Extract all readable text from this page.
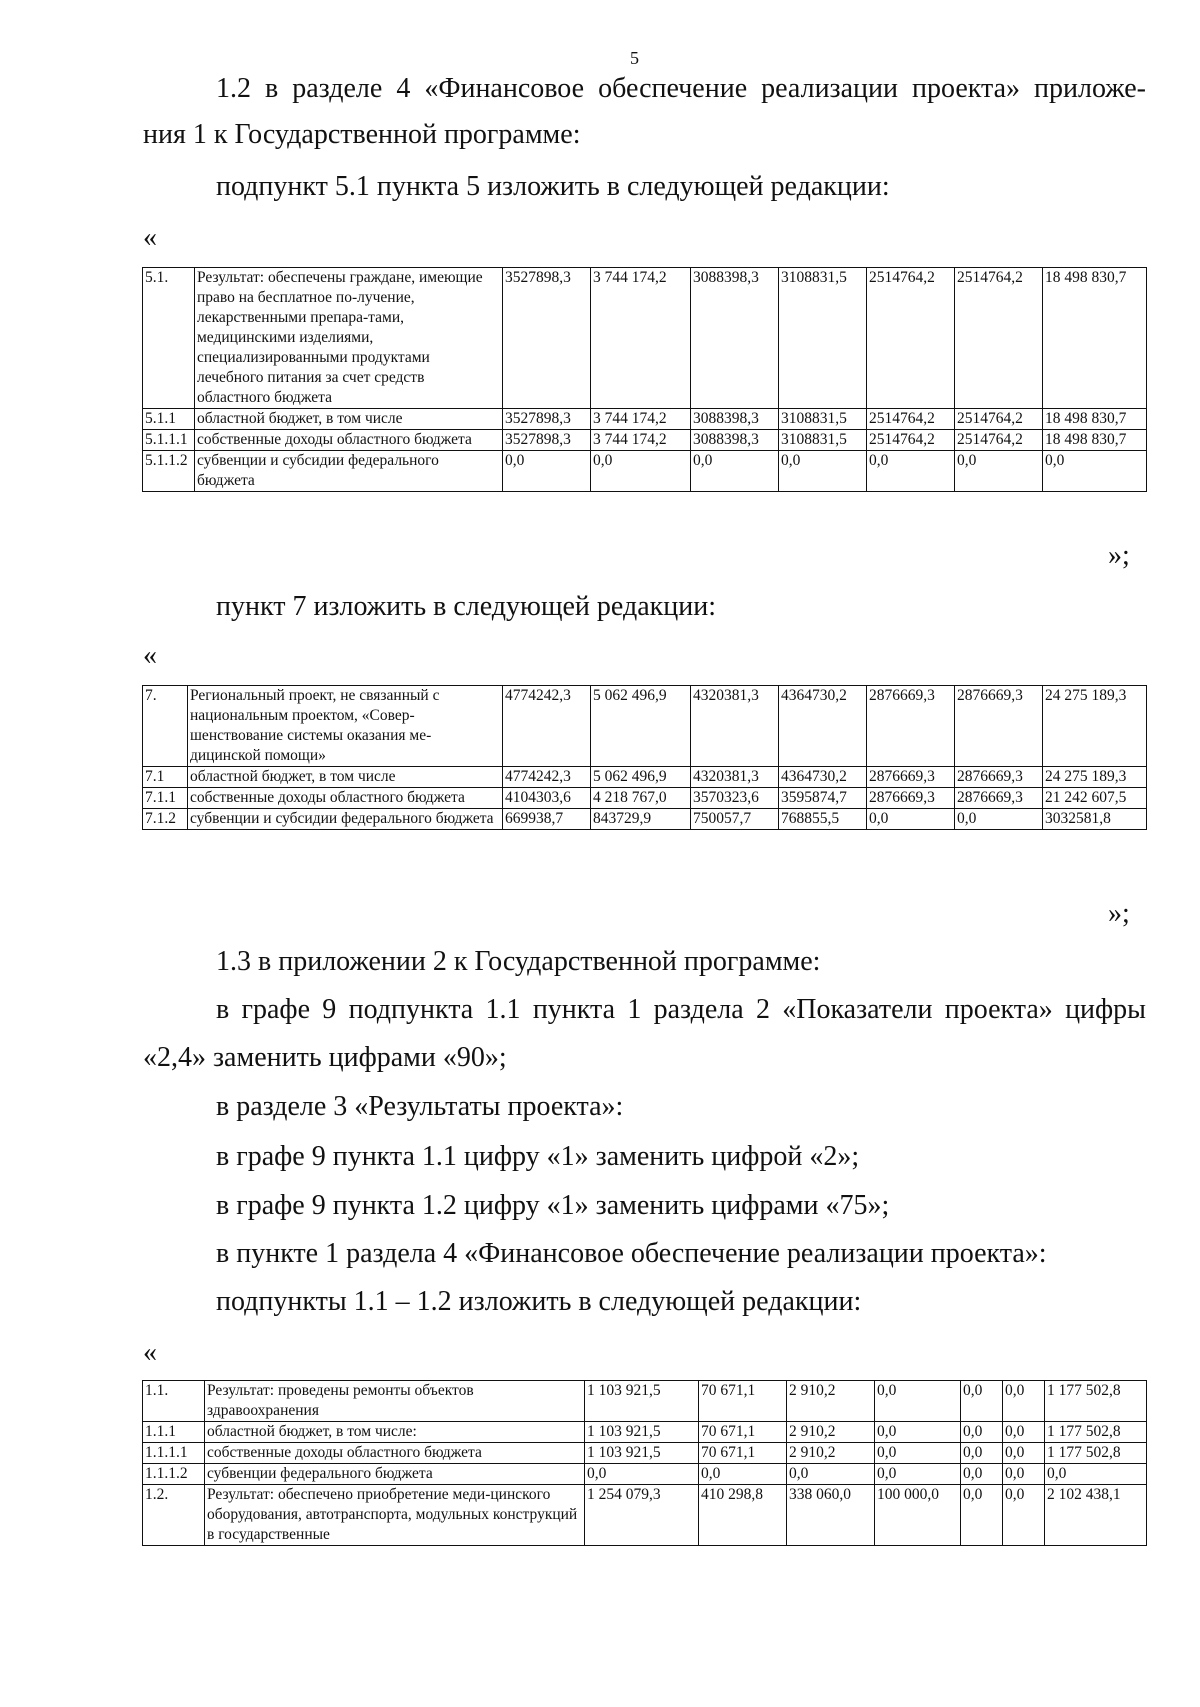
5
1.2 в разделе 4 «Финансовое обеспечение реализации проекта» приложе-
ния 1 к Государственной программе:
подпункт 5.1 пункта 5 изложить в следующей редакции:
«
5.1.	Результат: обеспечены граждане, имеющие право на бесплатное по-лучение, лекарственными препара-тами, медицинскими изделиями, специализированными продуктами лечебного питания за счет средств областного бюджета	3527898,3	3 744 174,2	3088398,3	3108831,5	2514764,2	2514764,2	18 498 830,7
5.1.1	областной бюджет, в том числе	3527898,3	3 744 174,2	3088398,3	3108831,5	2514764,2	2514764,2	18 498 830,7
5.1.1.1	собственные доходы областного бюджета	3527898,3	3 744 174,2	3088398,3	3108831,5	2514764,2	2514764,2	18 498 830,7
5.1.1.2	субвенции и субсидии федерального бюджета	0,0	0,0	0,0	0,0	0,0	0,0	0,0
»;
пункт 7 изложить в следующей редакции:
«
7.	Региональный проект, не связанный с национальным проектом, «Совер-шенствование системы оказания ме-дицинской помощи»	4774242,3	5 062 496,9	4320381,3	4364730,2	2876669,3	2876669,3	24 275 189,3
7.1	областной бюджет, в том числе	4774242,3	5 062 496,9	4320381,3	4364730,2	2876669,3	2876669,3	24 275 189,3
7.1.1	собственные доходы областного бюджета	4104303,6	4 218 767,0	3570323,6	3595874,7	2876669,3	2876669,3	21 242 607,5
7.1.2	субвенции и субсидии федерального бюджета	669938,7	843729,9	750057,7	768855,5	0,0	0,0	3032581,8
»;
1.3 в приложении 2 к Государственной программе:
в графе 9 подпункта 1.1 пункта 1 раздела 2 «Показатели проекта» цифры
«2,4» заменить цифрами «90»;
в разделе 3 «Результаты проекта»:
в графе 9 пункта 1.1 цифру «1» заменить цифрой «2»;
в графе 9 пункта 1.2 цифру «1» заменить цифрами «75»;
в пункте 1 раздела 4 «Финансовое обеспечение реализации проекта»:
подпункты 1.1 – 1.2 изложить в следующей редакции:
«
1.1.	Результат: проведены ремонты объектов здравоохранения	1 103 921,5	70 671,1	2 910,2	0,0	0,0	0,0	1 177 502,8
1.1.1	областной бюджет, в том числе:	1 103 921,5	70 671,1	2 910,2	0,0	0,0	0,0	1 177 502,8
1.1.1.1	собственные доходы областного бюджета	1 103 921,5	70 671,1	2 910,2	0,0	0,0	0,0	1 177 502,8
1.1.1.2	субвенции федерального бюджета	0,0	0,0	0,0	0,0	0,0	0,0	0,0
1.2.	Результат: обеспечено приобретение меди-цинского оборудования, автотранспорта, модульных конструкций в государственные	1 254 079,3	410 298,8	338 060,0	100 000,0	0,0	0,0	2 102 438,1
